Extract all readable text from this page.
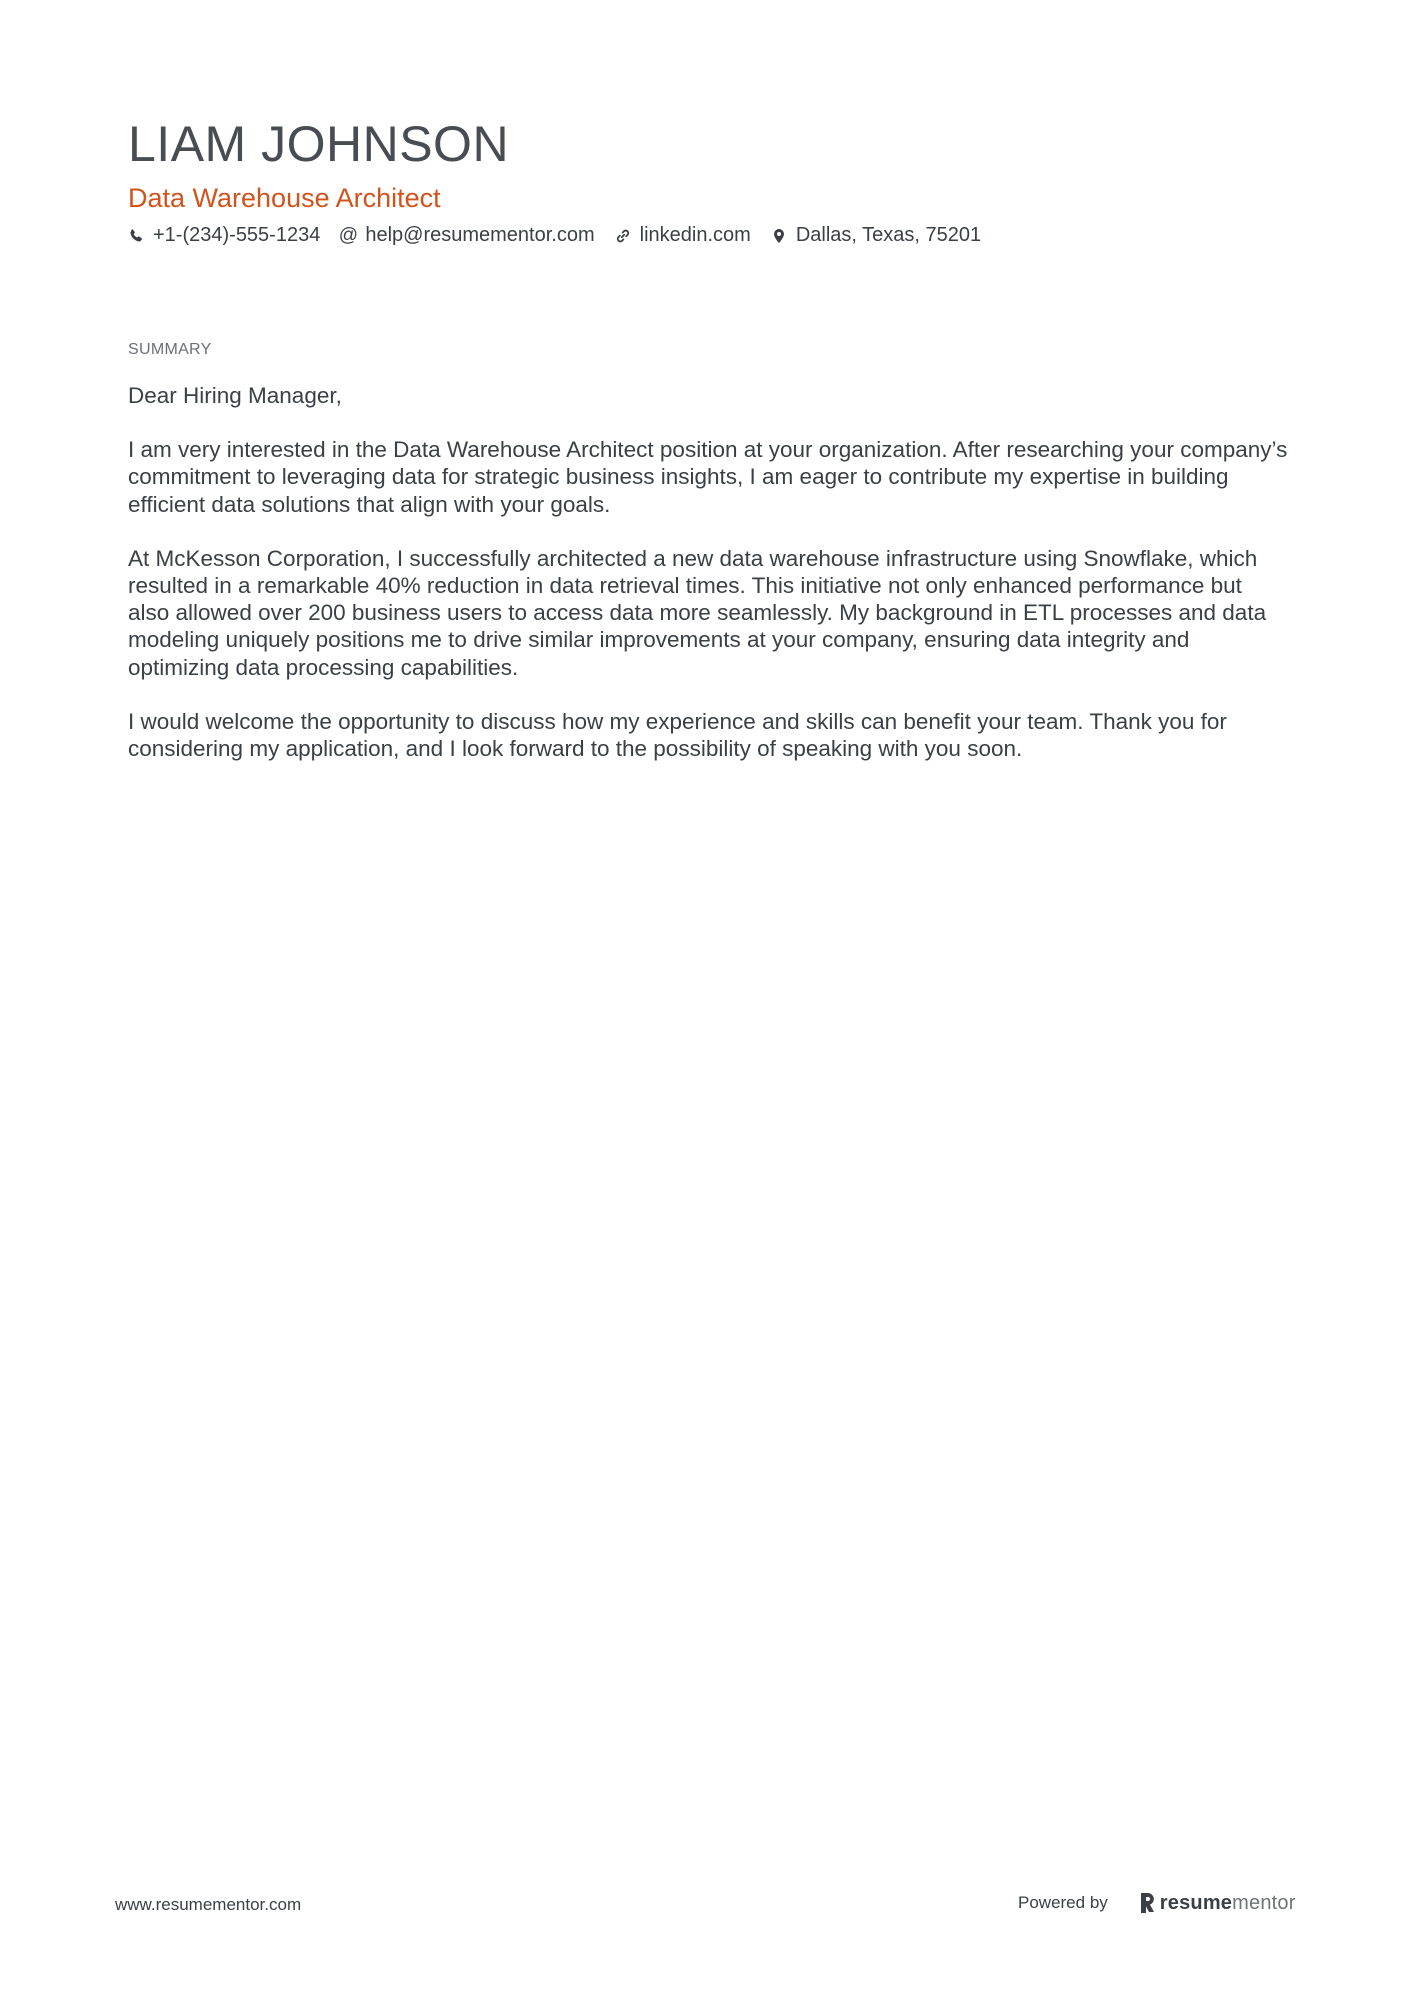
LIAM JOHNSON
Data Warehouse Architect
+1-(234)-555-1234 @ help@resumementor.com linkedin.com Dallas, Texas, 75201
SUMMARY

Dear Hiring Manager,

I am very interested in the Data Warehouse Architect position at your organization. After researching your company’s commitment to leveraging data for strategic business insights, I am eager to contribute my expertise in building efficient data solutions that align with your goals.

At McKesson Corporation, I successfully architected a new data warehouse infrastructure using Snowflake, which resulted in a remarkable 40% reduction in data retrieval times. This initiative not only enhanced performance but also allowed over 200 business users to access data more seamlessly. My background in ETL processes and data modeling uniquely positions me to drive similar improvements at your company, ensuring data integrity and optimizing data processing capabilities.

I would welcome the opportunity to discuss how my experience and skills can benefit your team. Thank you for considering my application, and I look forward to the possibility of speaking with you soon.

www.resumementor.com	Powered by	resumementor
